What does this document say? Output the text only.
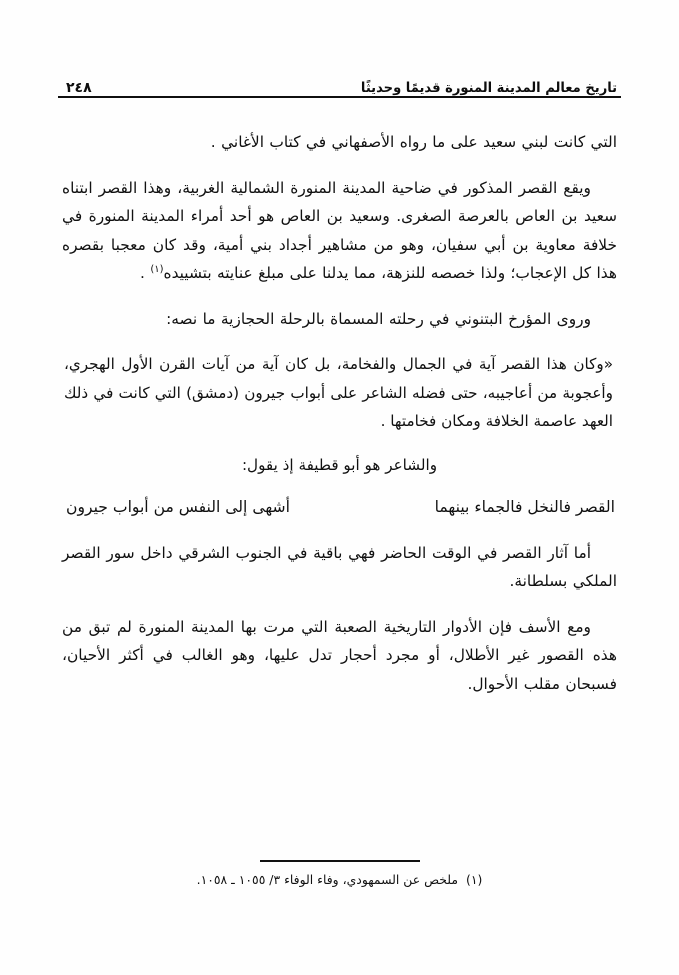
تاريخ معالم المدينة المنورة قديمًا وحديثًا
٢٤٨

التي كانت لبني سعيد على ما رواه الأصفهاني في كتاب الأغاني .

ويقع القصر المذكور في ضاحية المدينة المنورة الشمالية الغربية، وهذا القصر ابتناه سعيد بن العاص بالعرصة الصغرى. وسعيد بن العاص هو أحد أمراء المدينة المنورة في خلافة معاوية بن أبي سفيان، وهو من مشاهير أجداد بني أمية، وقد كان معجبا بقصره هذا كل الإعجاب؛ ولذا خصصه للنزهة، مما يدلنا على مبلغ عنايته بتشييده$^{(١)}$ .

وروى المؤرخ البتنوني في رحلته المسماة بالرحلة الحجازية ما نصه:

«وكان هذا القصر آية في الجمال والفخامة، بل كان آية من آيات القرن الأول الهجري، وأعجوبة من أعاجيبه، حتى فضله الشاعر على أبواب جيرون (دمشق) التي كانت في ذلك العهد عاصمة الخلافة ومكان فخامتها .

والشاعر هو أبو قطيفة إذ يقول:

القصر فالنخل فالجماء بينهما
أشهى إلى النفس من أبواب جيرون

أما آثار القصر في الوقت الحاضر فهي باقية في الجنوب الشرقي داخل سور القصر الملكي بسلطانة.

ومع الأسف فإن الأدوار التاريخية الصعبة التي مرت بها المدينة المنورة لم تبق من هذه القصور غير الأطلال، أو مجرد أحجار تدل عليها، وهو الغالب في أكثر الأحيان، فسبحان مقلب الأحوال.

(١)ملخص عن السمهودي، وفاء الوفاء ٣/ ١٠٥٥ ـ ١٠٥٨.
